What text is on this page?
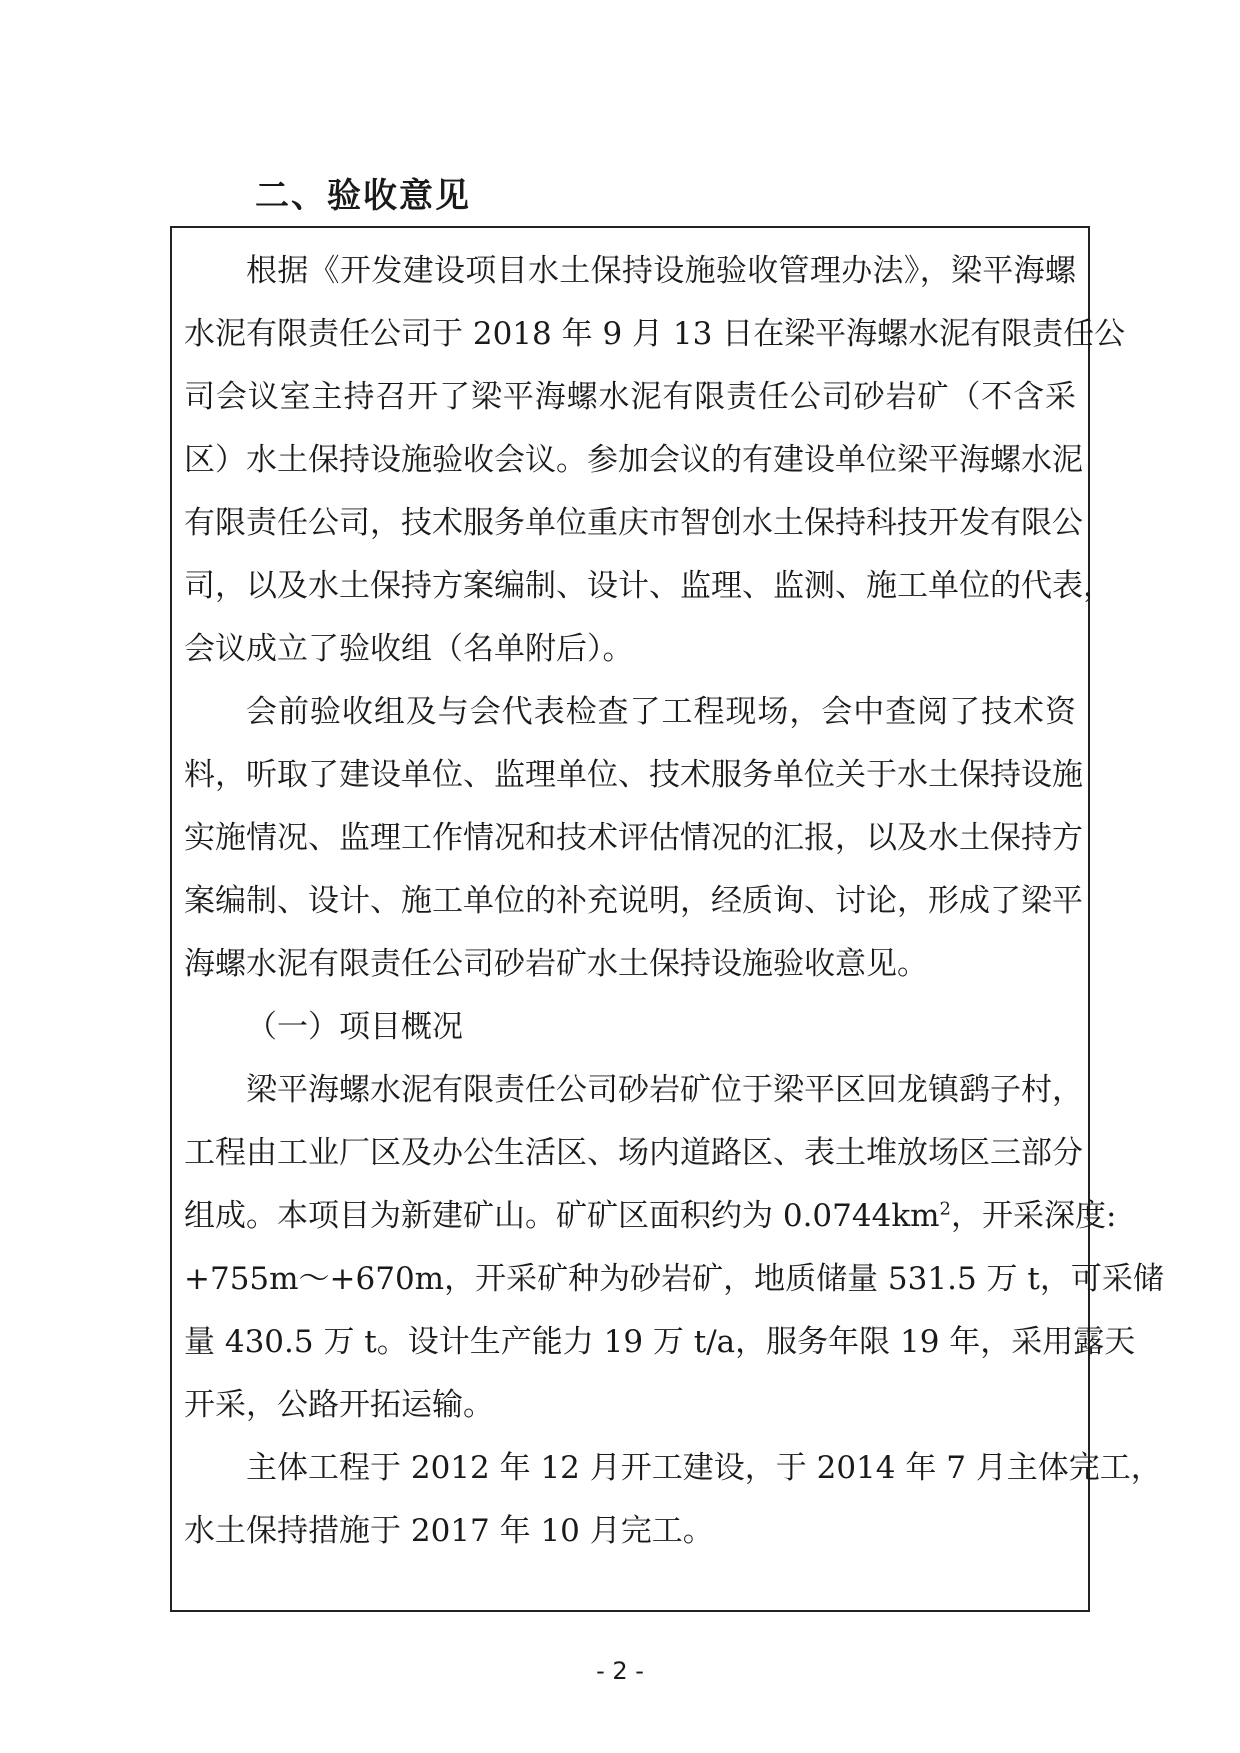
二、验收意见
根据《开发建设项目水土保持设施验收管理办法》，梁平海螺
水泥有限责任公司于 2018 年 9 月 13 日在梁平海螺水泥有限责任公
司会议室主持召开了梁平海螺水泥有限责任公司砂岩矿（不含采
区）水土保持设施验收会议。参加会议的有建设单位梁平海螺水泥
有限责任公司，技术服务单位重庆市智创水土保持科技开发有限公
司，以及水土保持方案编制、设计、监理、监测、施工单位的代表，
会议成立了验收组（名单附后）。
会前验收组及与会代表检查了工程现场，会中查阅了技术资
料，听取了建设单位、监理单位、技术服务单位关于水土保持设施
实施情况、监理工作情况和技术评估情况的汇报，以及水土保持方
案编制、设计、施工单位的补充说明，经质询、讨论，形成了梁平
海螺水泥有限责任公司砂岩矿水土保持设施验收意见。
（一）项目概况
梁平海螺水泥有限责任公司砂岩矿位于梁平区回龙镇鹞子村，
工程由工业厂区及办公生活区、场内道路区、表土堆放场区三部分
组成。本项目为新建矿山。矿矿区面积约为 $0.0744km^2$，开采深度:
+755m～+670m，开采矿种为砂岩矿，地质储量 531.5 万 t，可采储
量 430.5 万 t。设计生产能力 19 万 t/a，服务年限 19 年，采用露天
开采，公路开拓运输。
主体工程于 2012 年 12 月开工建设，于 2014 年 7 月主体完工，
水土保持措施于 2017 年 10 月完工。
- 2 -
